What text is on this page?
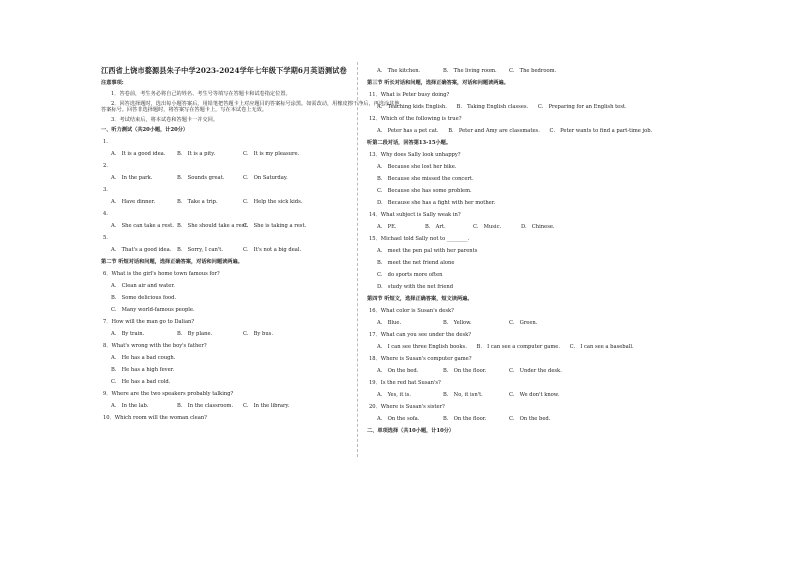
江西省上饶市婺源县朱子中学2023-2024学年七年级下学期6月英语测试卷
注意事项:
1．答卷前，考生务必将自己的姓名、考生号等填写在答题卡和试卷指定位置。
2．回答选择题时，选出每小题答案后，用铅笔把答题卡上对应题目的答案标号涂黑。如需改动，用橡皮擦干净后，再选涂其他答案标号。回答非选择题时，将答案写在答题卡上，写在本试卷上无效。
3．考试结束后，将本试卷和答题卡一并交回。
一、听力测试（共20小题，计20分）
1.
A.　It is a good idea.	B.　It is a pity.	C.　It is my pleasure.
2.
A.　In the park.	B.　Sounds great.	C.　On Saturday.
3.
A.　Have dinner.	B.　Take a trip.	C.　Help the sick kids.
4.
A.　She can take a rest. B.　She should take a rest.
C.　She is taking a rest.
5.
A.　That's a good idea.	B.　Sorry, I can't.	C.　It's not a big deal.
第二节 听短对话和问题，选择正确答案，对话和问题读两遍。
6．What is the girl's home town famous for?
A.　Clean air and water.
B.　Some delicious food.
C.　Many world-famous people.
7．How will the man go to Dalian?
A.　By train.	B.　By plane.	C.　By bus.
8．What's wrong with the boy's father?
A.　He has a bad cough.
B.　He has a high fever.
C.　He has a bad cold.
9．Where are the two speakers probably talking?
A.　In the lab.	B.　In the classroom.	C.　In the library.
10．Which room will the woman clean?
A.　The kitchen.	B.　The living room.	C.　The bedroom.
第三节 听长对话和问题，选择正确答案，对话和问题读两遍。
11．What is Peter busy doing?
A.　Teaching kids English. B.　Taking English classes. C.　Preparing for an English test.
12．Which of the following is true?
A.　Peter has a pet cat. B.　Peter and Amy are classmates. C.　Peter wants to find a part-time job.
听第二段对话，回答第13-15小题。
13．Why does Sally look unhappy?
A.　Because she lost her bike.
B.　Because she missed the concert.
C.　Because she has some problem.
D.　Because she has a fight with her mother.
14．What subject is Sally weak in?
A.　PE.	B.　Art.	C.　Music.	D.　Chinese.
15．Michael told Sally not to ________.
A.　meet the pen pal with her parents
B.　meet the net friend alone
C.　do sports more often
D.　study with the net friend
第四节 听短文，选择正确答案，短文读两遍。
16．What color is Susan's desk?
A.　Blue.	B.　Yellow.	C.　Green.
17．What can you see under the desk?
A.　I can see three English books. B.　I can see a computer game. C.　I can see a baseball.
18．Where is Susan's computer game?
A.　On the bed.	B.　On the floor.	C.　Under the desk.
19．Is the red hat Susan's?
A.　Yes, it is.	B.　No, it isn't.	C.　We don't know.
20．Where is Susan's sister?
A.　On the sofa.	B.　On the floor.	C.　On the bed.
二、单项选择（共10小题，计10分）
